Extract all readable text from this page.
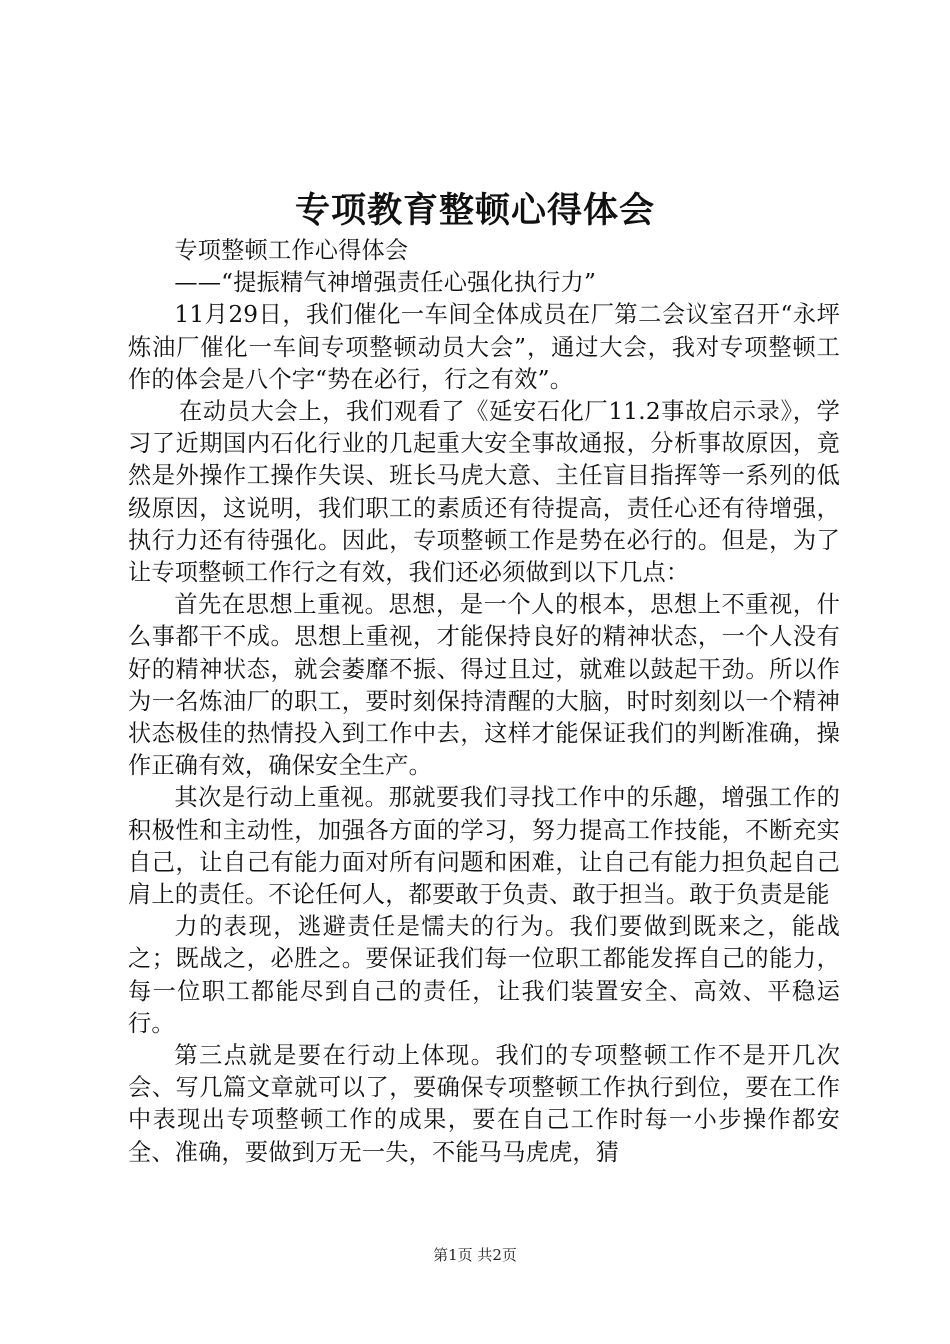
专项教育整顿心得体会

专项整顿工作心得体会

——“提振精气神增强责任心强化执行力”

11月29日，我们催化一车间全体成员在厂第二会议室召开“永坪炼油厂催化一车间专项整顿动员大会”，通过大会，我对专项整顿工作的体会是八个字“势在必行，行之有效”。

在动员大会上，我们观看了《延安石化厂11.2事故启示录》，学习了近期国内石化行业的几起重大安全事故通报，分析事故原因，竟然是外操作工操作失误、班长马虎大意、主任盲目指挥等一系列的低级原因，这说明，我们职工的素质还有待提高，责任心还有待增强，执行力还有待强化。因此，专项整顿工作是势在必行的。但是，为了让专项整顿工作行之有效，我们还必须做到以下几点：

首先在思想上重视。思想，是一个人的根本，思想上不重视，什么事都干不成。思想上重视，才能保持良好的精神状态，一个人没有好的精神状态，就会萎靡不振、得过且过，就难以鼓起干劲。所以作为一名炼油厂的职工，要时刻保持清醒的大脑，时时刻刻以一个精神状态极佳的热情投入到工作中去，这样才能保证我们的判断准确，操作正确有效，确保安全生产。

其次是行动上重视。那就要我们寻找工作中的乐趣，增强工作的积极性和主动性，加强各方面的学习，努力提高工作技能，不断充实自己，让自己有能力面对所有问题和困难，让自己有能力担负起自己肩上的责任。不论任何人，都要敢于负责、敢于担当。敢于负责是能

力的表现，逃避责任是懦夫的行为。我们要做到既来之，能战之；既战之，必胜之。要保证我们每一位职工都能发挥自己的能力，每一位职工都能尽到自己的责任，让我们装置安全、高效、平稳运行。

第三点就是要在行动上体现。我们的专项整顿工作不是开几次会、写几篇文章就可以了，要确保专项整顿工作执行到位，要在工作中表现出专项整顿工作的成果，要在自己工作时每一小步操作都安全、准确，要做到万无一失，不能马马虎虎，猜

第1页 共2页
